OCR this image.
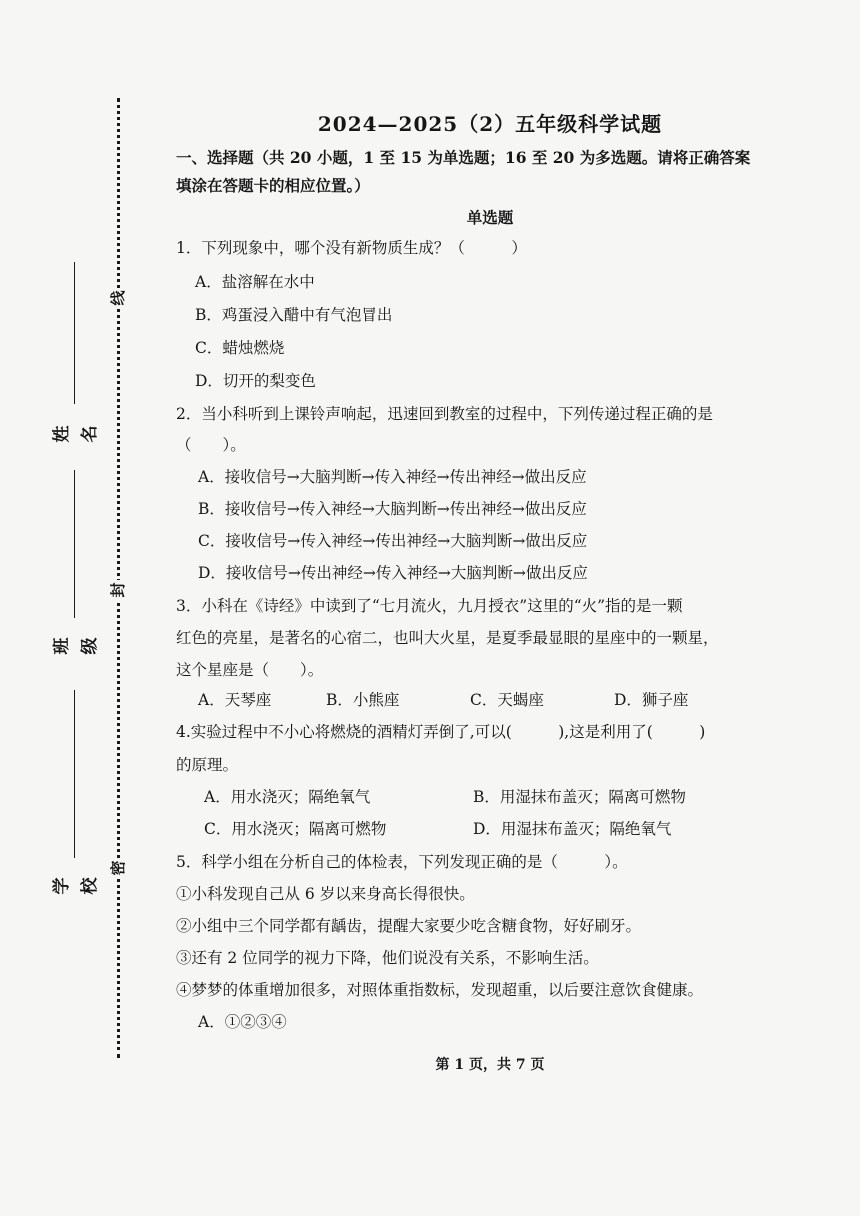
线
封
密
姓名
班级
学校
2024—2025（2）五年级科学试题
一、选择题（共 20 小题，1 至 15 为单选题；16 至 20 为多选题。请将正确答案
填涂在答题卡的相应位置。）
单选题
1．下列现象中，哪个没有新物质生成？（　　　）
A．盐溶解在水中
B．鸡蛋浸入醋中有气泡冒出
C．蜡烛燃烧
D．切开的梨变色
2．当小科听到上课铃声响起，迅速回到教室的过程中，下列传递过程正确的是
（　　）。
A．接收信号→大脑判断→传入神经→传出神经→做出反应
B．接收信号→传入神经→大脑判断→传出神经→做出反应
C．接收信号→传入神经→传出神经→大脑判断→做出反应
D．接收信号→传出神经→传入神经→大脑判断→做出反应
3．小科在《诗经》中读到了“七月流火，九月授衣”这里的“火”指的是一颗
红色的亮星，是著名的心宿二，也叫大火星，是夏季最显眼的星座中的一颗星，
这个星座是（　　）。
A．天琴座	B．小熊座	C．天蝎座	D．狮子座
4.实验过程中不小心将燃烧的酒精灯弄倒了,可以(　　　),这是利用了(　　　)
的原理。
A．用水浇灭；隔绝氧气	B．用湿抹布盖灭；隔离可燃物
C．用水浇灭；隔离可燃物	D．用湿抹布盖灭；隔绝氧气
5．科学小组在分析自己的体检表，下列发现正确的是（　　　）。
①小科发现自己从 6 岁以来身高长得很快。
②小组中三个同学都有龋齿，提醒大家要少吃含糖食物，好好刷牙。
③还有 2 位同学的视力下降，他们说没有关系，不影响生活。
④梦梦的体重增加很多，对照体重指数标，发现超重，以后要注意饮食健康。
A．①②③④
第 1 页，共 7 页
